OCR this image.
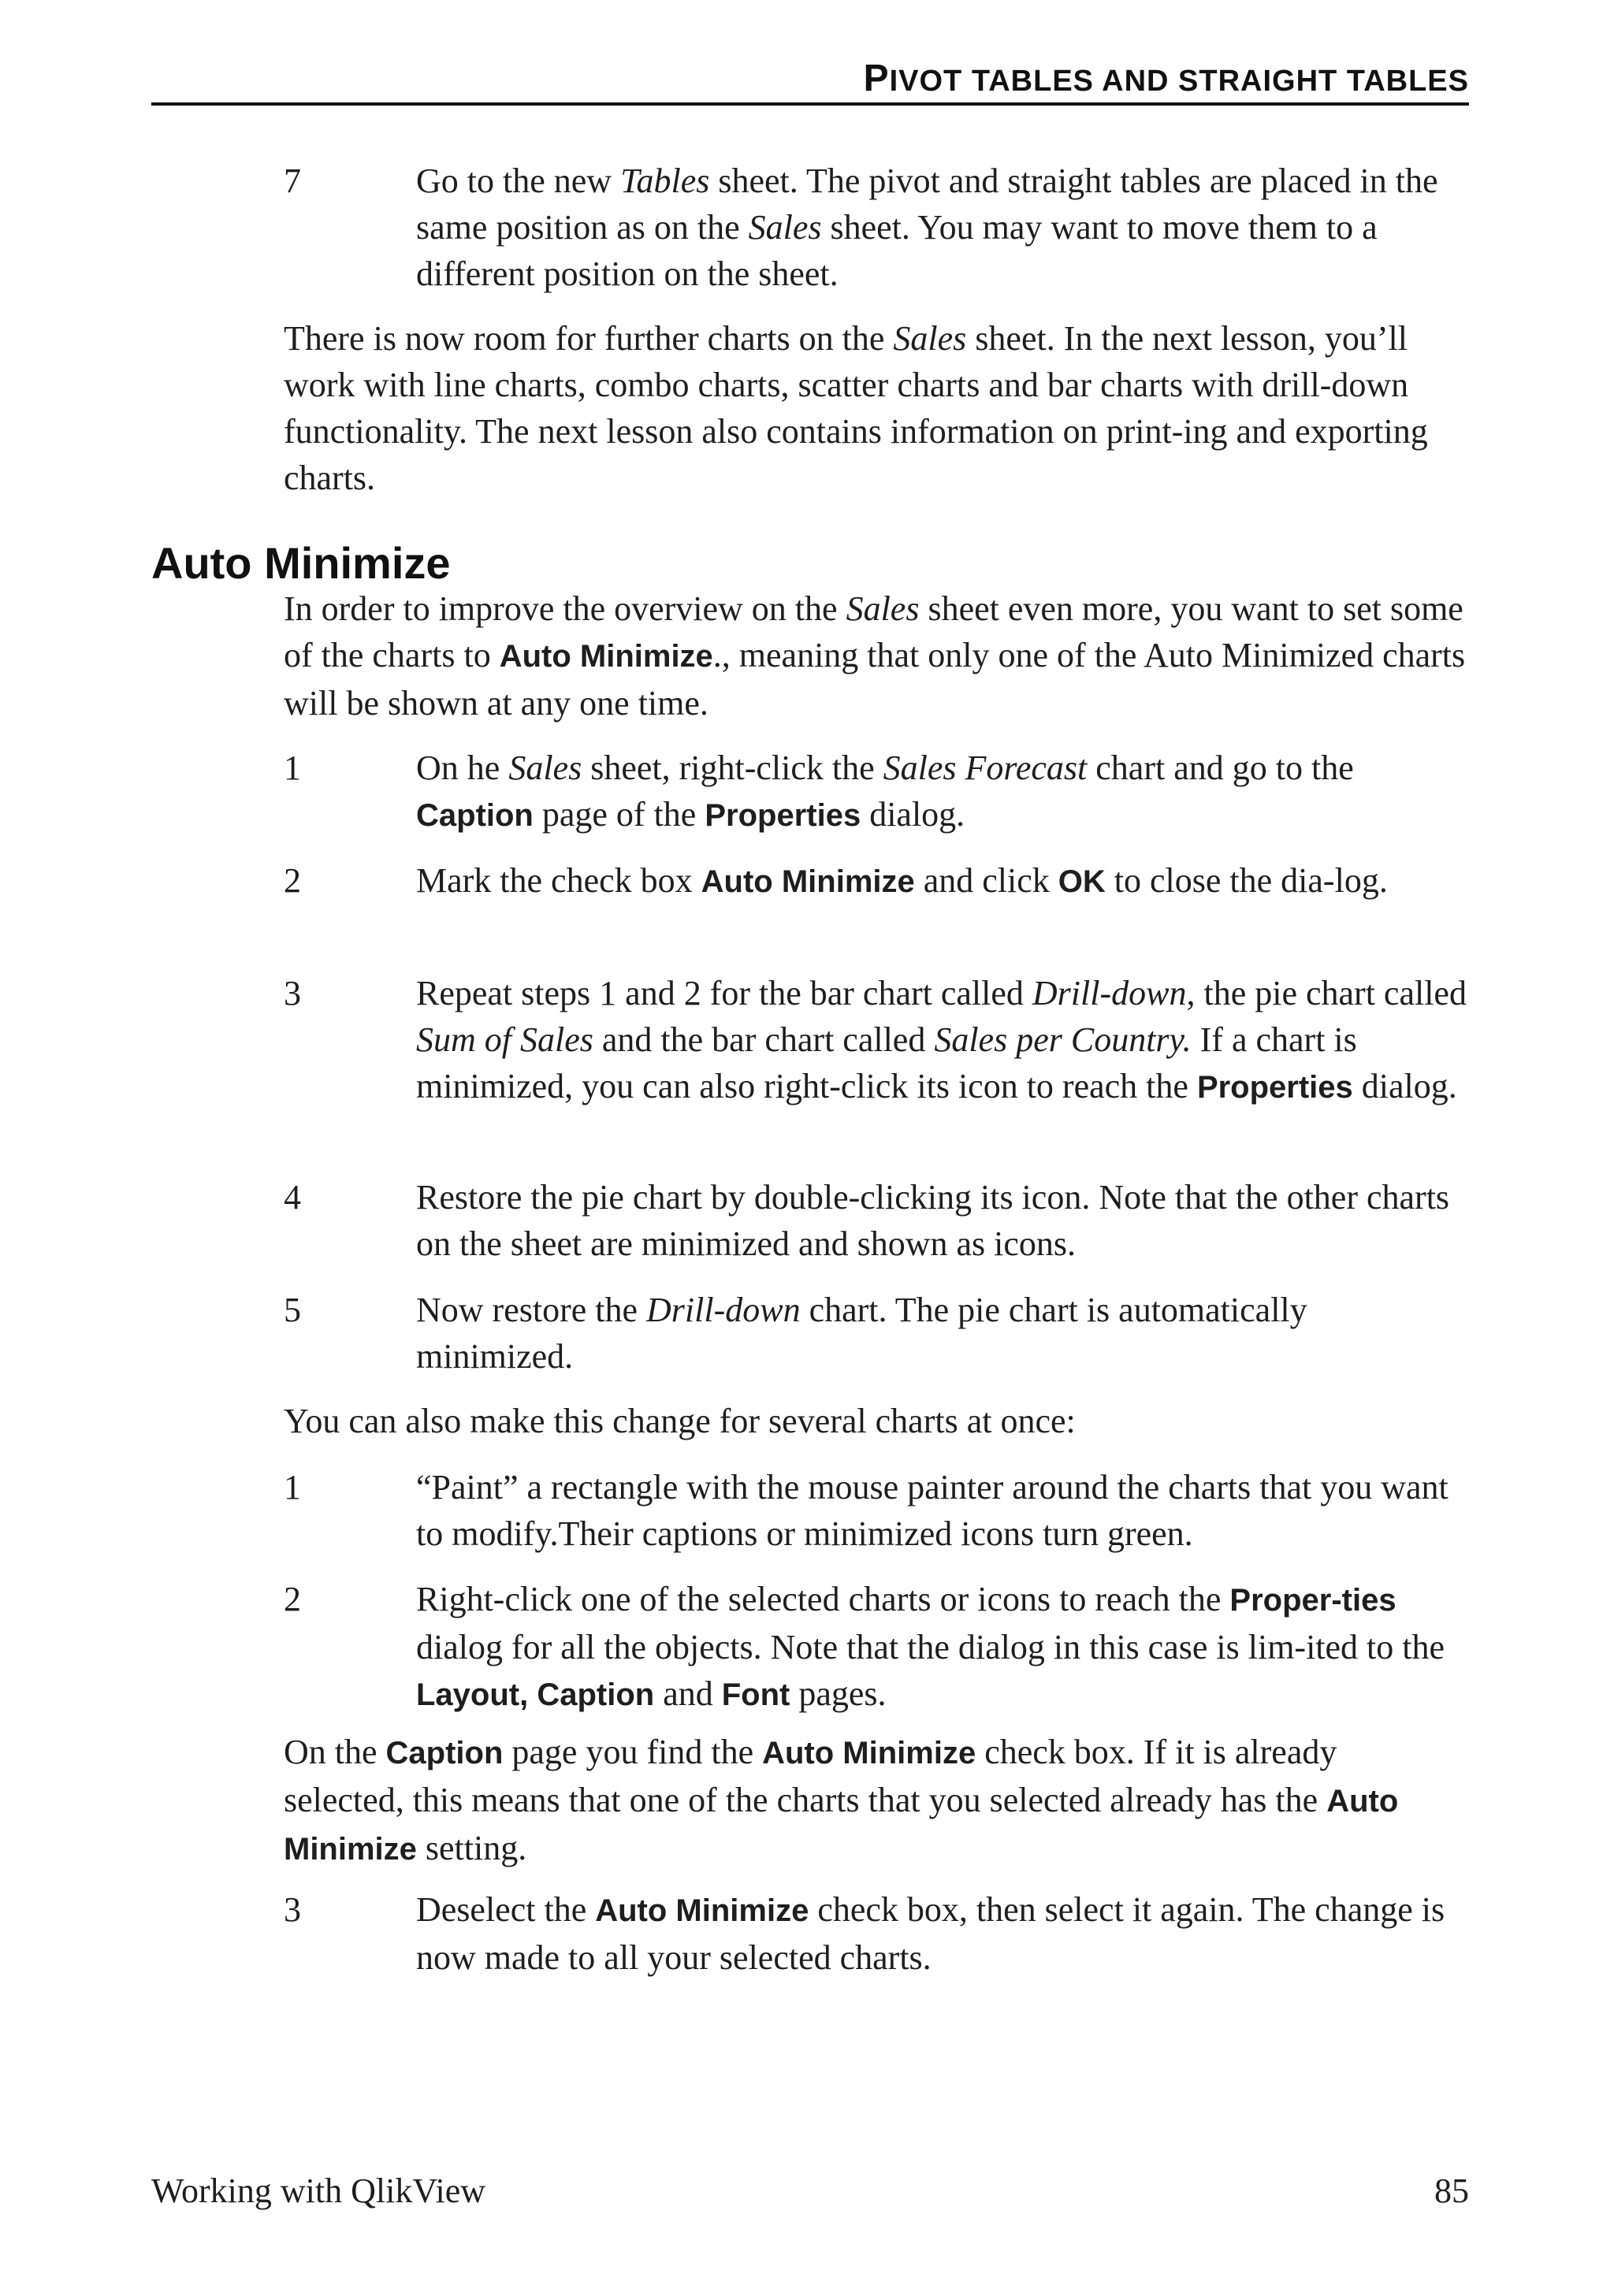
PIVOT TABLES AND STRAIGHT TABLES
7	Go to the new Tables sheet. The pivot and straight tables are placed in the same position as on the Sales sheet. You may want to move them to a different position on the sheet.
There is now room for further charts on the Sales sheet. In the next lesson, you’ll work with line charts, combo charts, scatter charts and bar charts with drill-down functionality. The next lesson also contains information on print-ing and exporting charts.
Auto Minimize
In order to improve the overview on the Sales sheet even more, you want to set some of the charts to Auto Minimize., meaning that only one of the Auto Minimized charts will be shown at any one time.
1	On he Sales sheet, right-click the Sales Forecast chart and go to the Caption page of the Properties dialog.
2	Mark the check box Auto Minimize and click OK to close the dia-log.
3	Repeat steps 1 and 2 for the bar chart called Drill-down, the pie chart called Sum of Sales and the bar chart called Sales per Country. If a chart is minimized, you can also right-click its icon to reach the Properties dialog.
4	Restore the pie chart by double-clicking its icon. Note that the other charts on the sheet are minimized and shown as icons.
5	Now restore the Drill-down chart. The pie chart is automatically minimized.
You can also make this change for several charts at once:
1	“Paint” a rectangle with the mouse painter around the charts that you want to modify.Their captions or minimized icons turn green.
2	Right-click one of the selected charts or icons to reach the Proper-ties dialog for all the objects. Note that the dialog in this case is lim-ited to the Layout, Caption and Font pages.
On the Caption page you find the Auto Minimize check box. If it is already selected, this means that one of the charts that you selected already has the Auto Minimize setting.
3	Deselect the Auto Minimize check box, then select it again. The change is now made to all your selected charts.
Working with QlikView	85
